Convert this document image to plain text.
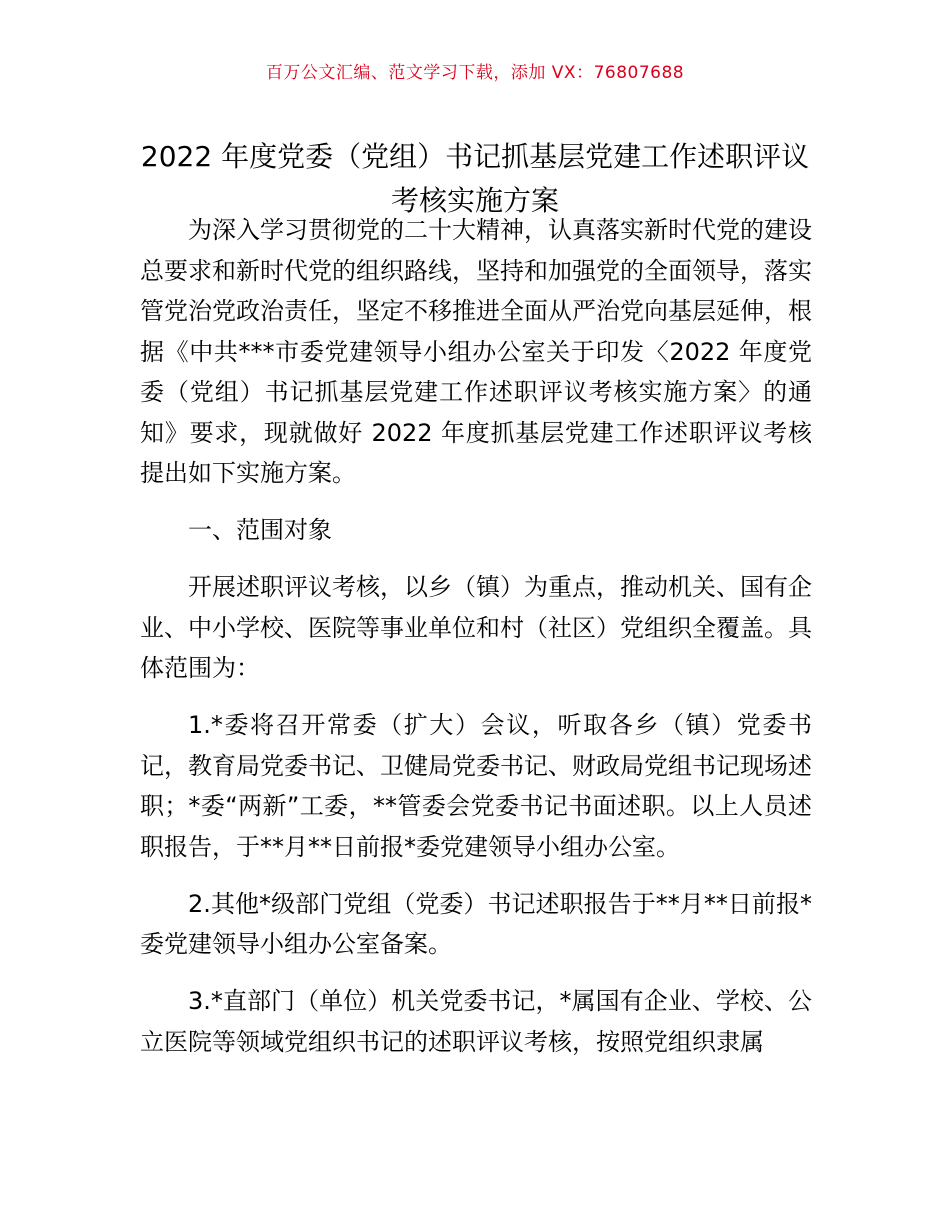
百万公文汇编、范文学习下载，添加 VX：76807688
2022 年度党委（党组）书记抓基层党建工作述职评议考核实施方案

为深入学习贯彻党的二十大精神，认真落实新时代党的建设总要求和新时代党的组织路线，坚持和加强党的全面领导，落实管党治党政治责任，坚定不移推进全面从严治党向基层延伸，根据《中共***市委党建领导小组办公室关于印发〈2022 年度党委（党组）书记抓基层党建工作述职评议考核实施方案〉的通知》要求，现就做好 2022 年度抓基层党建工作述职评议考核提出如下实施方案。

一、范围对象

开展述职评议考核，以乡（镇）为重点，推动机关、国有企业、中小学校、医院等事业单位和村（社区）党组织全覆盖。具体范围为：

1.*委将召开常委（扩大）会议，听取各乡（镇）党委书记，教育局党委书记、卫健局党委书记、财政局党组书记现场述职；*委“两新”工委，**管委会党委书记书面述职。以上人员述职报告，于**月**日前报*委党建领导小组办公室。

2.其他*级部门党组（党委）书记述职报告于**月**日前报*委党建领导小组办公室备案。

3.*直部门（单位）机关党委书记，*属国有企业、学校、公立医院等领域党组织书记的述职评议考核，按照党组织隶属
